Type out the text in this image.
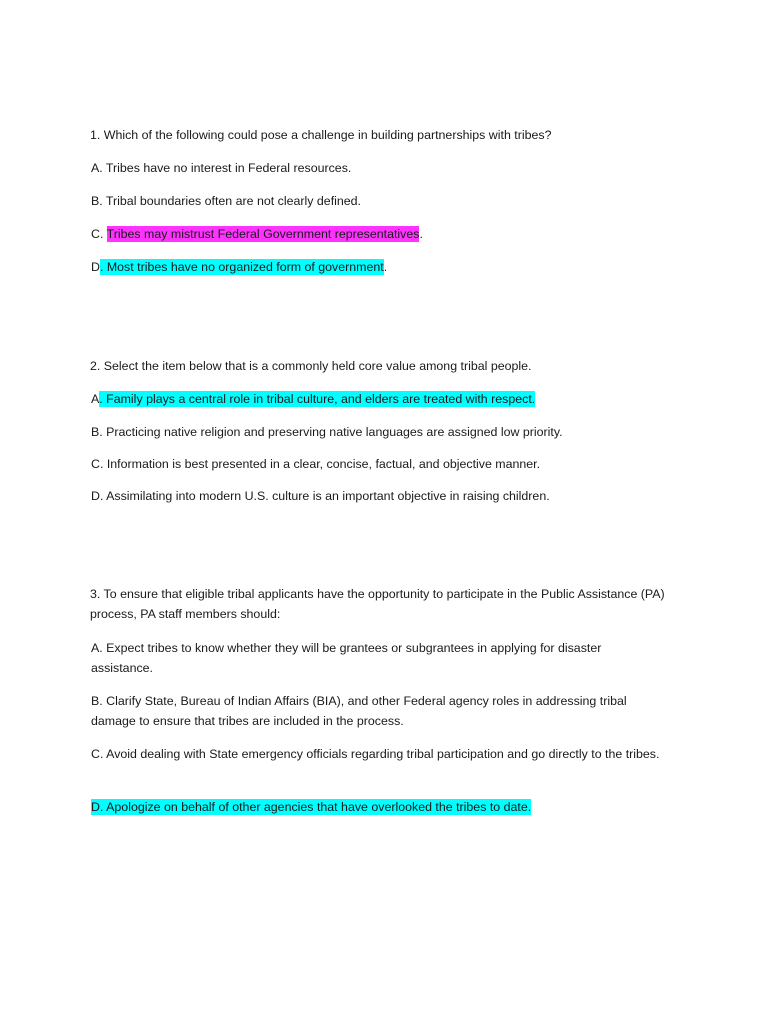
1. Which of the following could pose a challenge in building partnerships with tribes?
A. Tribes have no interest in Federal resources.
B. Tribal boundaries often are not clearly defined.
C. Tribes may mistrust Federal Government representatives.
D. Most tribes have no organized form of government.
2. Select the item below that is a commonly held core value among tribal people.
A. Family plays a central role in tribal culture, and elders are treated with respect.
B. Practicing native religion and preserving native languages are assigned low priority.
C. Information is best presented in a clear, concise, factual, and objective manner.
D. Assimilating into modern U.S. culture is an important objective in raising children.
3. To ensure that eligible tribal applicants have the opportunity to participate in the Public Assistance (PA) process, PA staff members should:
A. Expect tribes to know whether they will be grantees or subgrantees in applying for disaster assistance.
B. Clarify State, Bureau of Indian Affairs (BIA), and other Federal agency roles in addressing tribal damage to ensure that tribes are included in the process.
C. Avoid dealing with State emergency officials regarding tribal participation and go directly to the tribes.
D. Apologize on behalf of other agencies that have overlooked the tribes to date.
